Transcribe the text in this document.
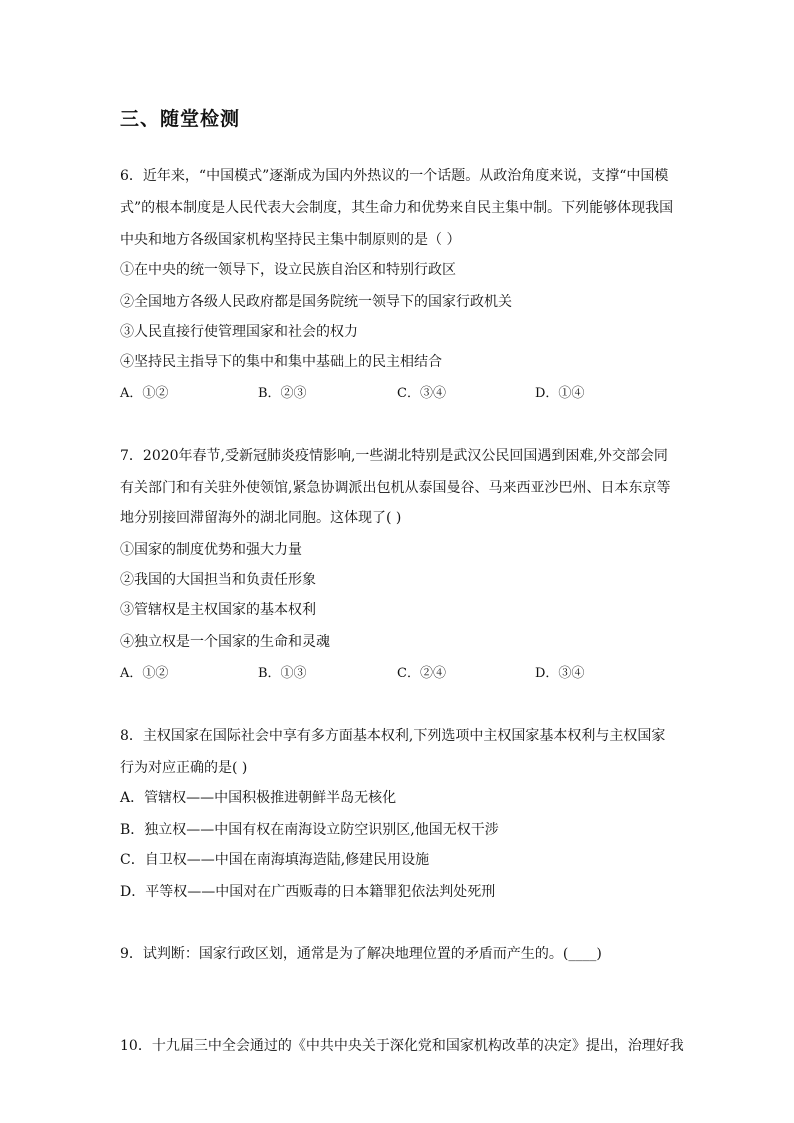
三、随堂检测
6．近年来，“中国模式”逐渐成为国内外热议的一个话题。从政治角度来说，支撑“中国模
式”的根本制度是人民代表大会制度，其生命力和优势来自民主集中制。下列能够体现我国
中央和地方各级国家机构坚持民主集中制原则的是（ ）
①在中央的统一领导下，设立民族自治区和特别行政区
②全国地方各级人民政府都是国务院统一领导下的国家行政机关
③人民直接行使管理国家和社会的权力
④坚持民主指导下的集中和集中基础上的民主相结合
A．①②	B．②③	C．③④	D．①④
7．2020年春节,受新冠肺炎疫情影响,一些湖北特别是武汉公民回国遇到困难,外交部会同
有关部门和有关驻外使领馆,紧急协调派出包机从泰国曼谷、马来西亚沙巴州、日本东京等
地分别接回滞留海外的湖北同胞。这体现了( )
①国家的制度优势和强大力量
②我国的大国担当和负责任形象
③管辖权是主权国家的基本权利
④独立权是一个国家的生命和灵魂
A．①②	B．①③	C．②④	D．③④
8．主权国家在国际社会中享有多方面基本权利,下列选项中主权国家基本权利与主权国家
行为对应正确的是( )
A．管辖权——中国积极推进朝鲜半岛无核化
B．独立权——中国有权在南海设立防空识别区,他国无权干涉
C．自卫权——中国在南海填海造陆,修建民用设施
D．平等权——中国对在广西贩毒的日本籍罪犯依法判处死刑
9．试判断：国家行政区划，通常是为了解决地理位置的矛盾而产生的。(____)
10．十九届三中全会通过的《中共中央关于深化党和国家机构改革的决定》提出，治理好我
